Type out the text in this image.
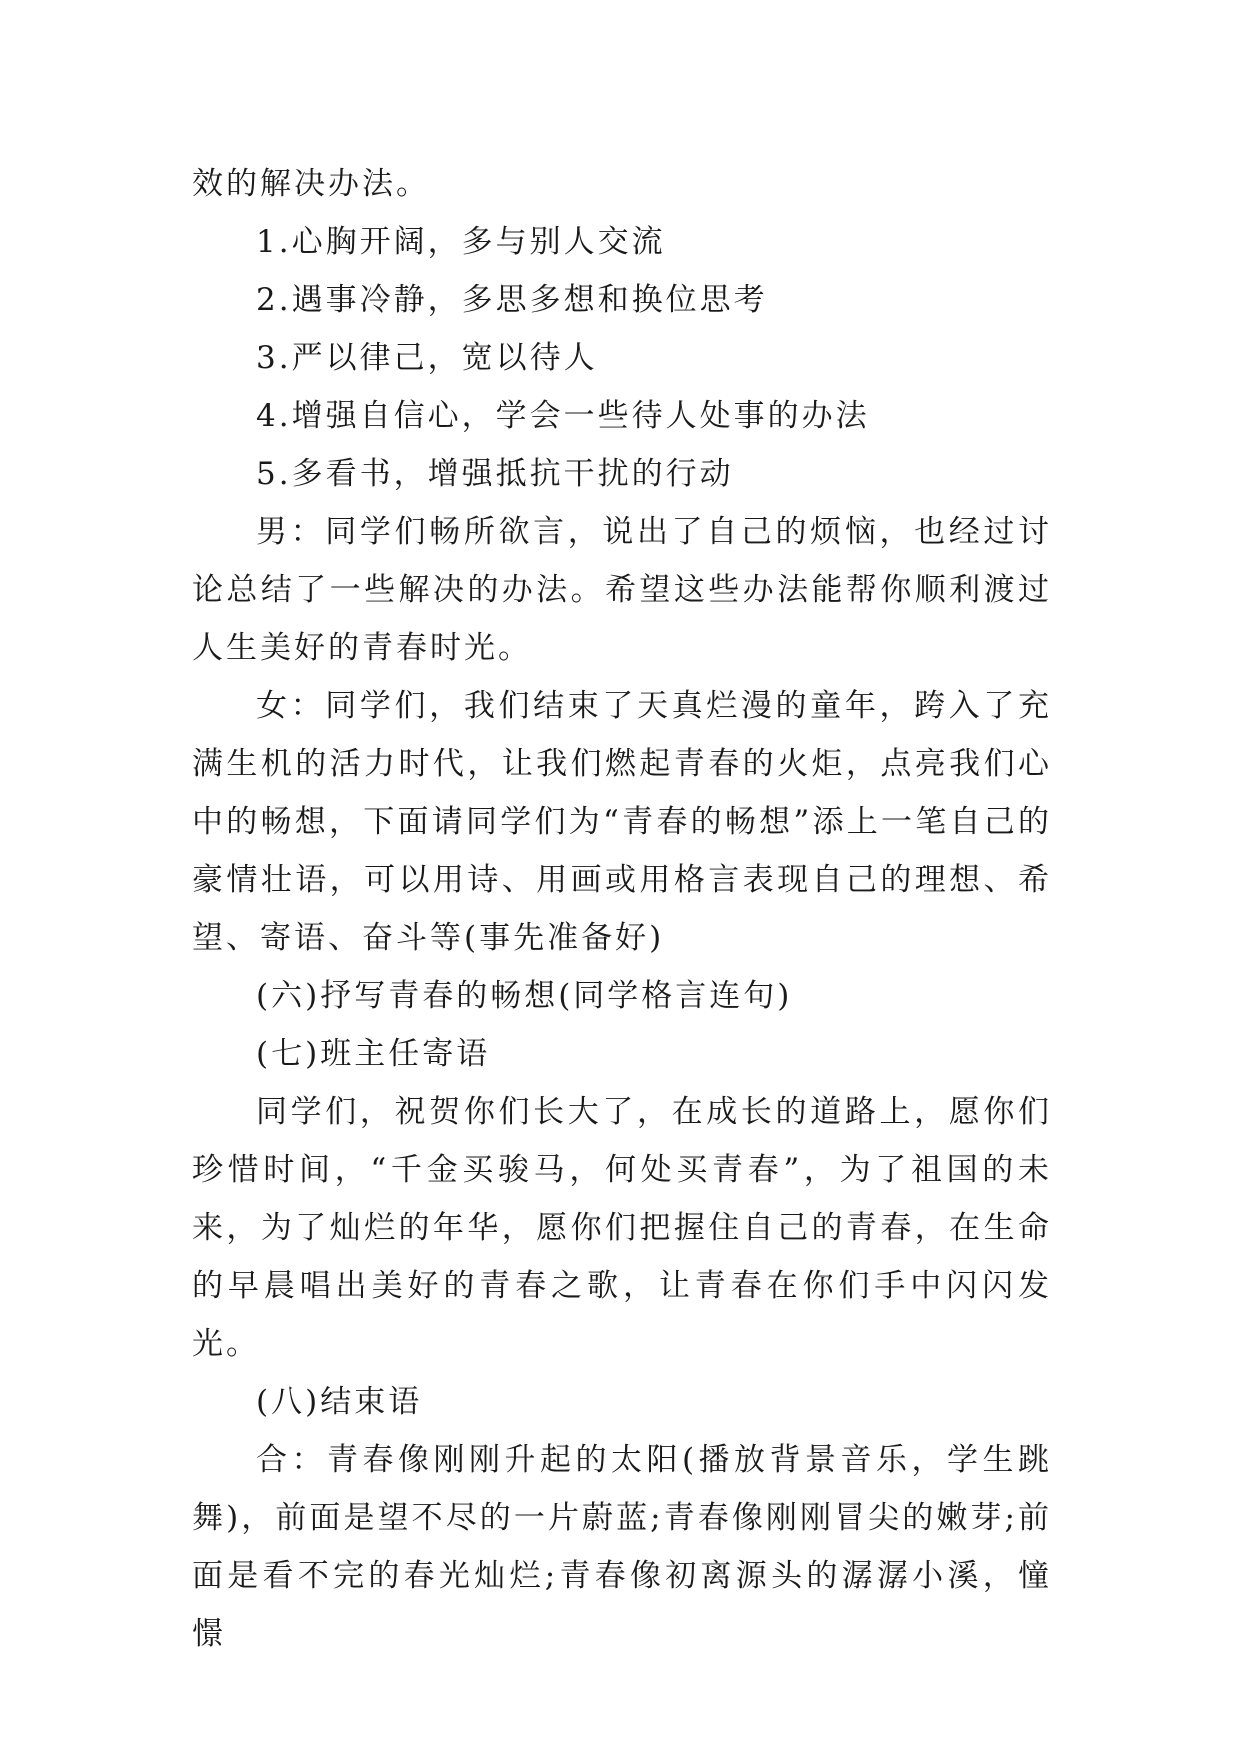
效的解决办法。

1.心胸开阔，多与别人交流

2.遇事冷静，多思多想和换位思考

3.严以律己，宽以待人

4.增强自信心，学会一些待人处事的办法

5.多看书，增强抵抗干扰的行动

男：同学们畅所欲言，说出了自己的烦恼，也经过讨论总结了一些解决的办法。希望这些办法能帮你顺利渡过人生美好的青春时光。

女：同学们，我们结束了天真烂漫的童年，跨入了充满生机的活力时代，让我们燃起青春的火炬，点亮我们心中的畅想，下面请同学们为“青春的畅想”添上一笔自己的豪情壮语，可以用诗、用画或用格言表现自己的理想、希望、寄语、奋斗等(事先准备好)

(六)抒写青春的畅想(同学格言连句)

(七)班主任寄语

同学们，祝贺你们长大了，在成长的道路上，愿你们珍惜时间，“千金买骏马，何处买青春”，为了祖国的未来，为了灿烂的年华，愿你们把握住自己的青春，在生命的早晨唱出美好的青春之歌，让青春在你们手中闪闪发光。

(八)结束语

合：青春像刚刚升起的太阳(播放背景音乐，学生跳舞)，前面是望不尽的一片蔚蓝;青春像刚刚冒尖的嫩芽;前面是看不完的春光灿烂;青春像初离源头的潺潺小溪，憧憬
